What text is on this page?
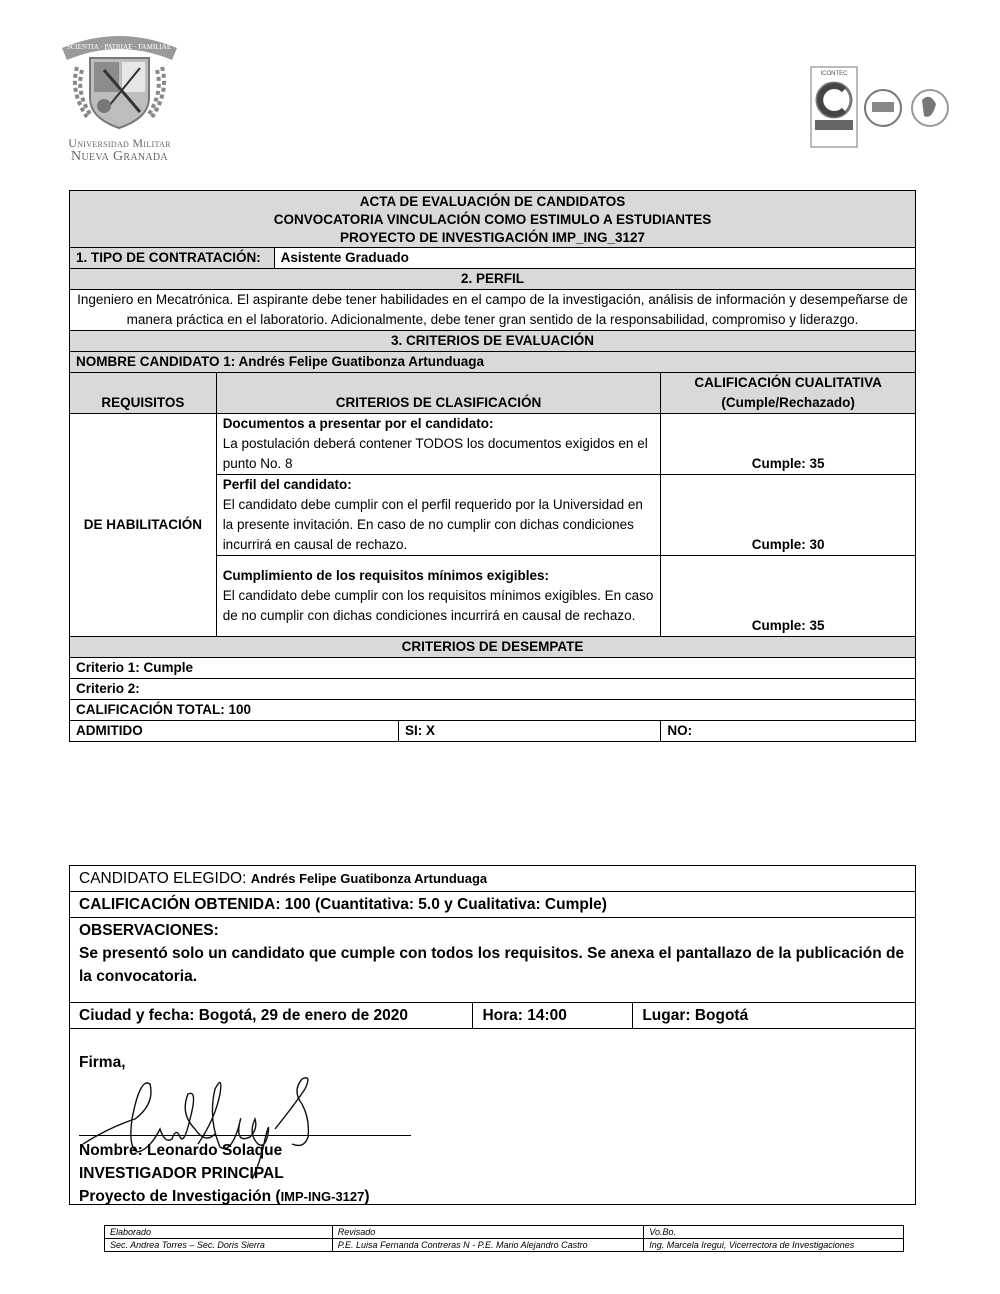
SCIENTIA · PATRIAE · FAMILIAE
Universidad Militar
Nueva Granada
ICONTEC
ACTA DE EVALUACIÓN DE CANDIDATOS
CONVOCATORIA VINCULACIÓN COMO ESTIMULO A ESTUDIANTES
PROYECTO DE INVESTIGACIÓN IMP_ING_3127				

1. TIPO DE CONTRATACIÓN:		Asistente Graduado		
2. PERFIL				
Ingeniero en Mecatrónica. El aspirante debe tener habilidades en el campo de la investigación, análisis de información y desempeñarse de manera práctica en el laboratorio. Adicionalmente, debe tener gran sentido de la responsabilidad, compromiso y liderazgo.				
3. CRITERIOS DE EVALUACIÓN				
NOMBRE CANDIDATO 1: Andrés Felipe Guatibonza Artunduaga				
REQUISITOS	CRITERIOS DE CLASIFICACIÓN			CALIFICACIÓN CUALITATIVA
(Cumple/Rechazado)

DE HABILITACIÓN	Documentos a presentar por el candidato:
La postulación deberá contener TODOS los documentos exigidos en el punto No. 8			Cumple: 35

	Perfil del candidato:
El candidato debe cumplir con el perfil requerido por la Universidad en la presente invitación. En caso de no cumplir con dichas condiciones incurrirá en causal de rechazo.			Cumple: 30

	Cumplimiento de los requisitos mínimos exigibles:
El candidato debe cumplir con los requisitos mínimos exigibles. En caso de no cumplir con dichas condiciones incurrirá en causal de rechazo.			Cumple: 35
CRITERIOS DE DESEMPATE				
Criterio 1: Cumple				
Criterio 2:				
CALIFICACIÓN TOTAL: 100				
ADMITIDO			SI: X	NO:
CANDIDATO ELEGIDO: Andrés Felipe Guatibonza Artunduaga
CALIFICACIÓN OBTENIDA: 100 (Cuantitativa: 5.0 y Cualitativa: Cumple)

OBSERVACIONES:
Se presentó solo un candidato que cumple con todos los requisitos. Se anexa el pantallazo de la publicación de la convocatoria.

Ciudad y fecha: Bogotá, 29 de enero de 2020	Hora: 14:00	Lugar: Bogotá

Firma,
Nombre: Leonardo Solaque
INVESTIGADOR PRINCIPAL
Proyecto de Investigación (IMP-ING-3127)
Elaborado	Revisado	Vo.Bo.
Sec. Andrea Torres – Sec. Doris Sierra	P.E. Luisa Fernanda Contreras N - P.E. Mario Alejandro Castro	Ing. Marcela Iregui, Vicerrectora de Investigaciones
